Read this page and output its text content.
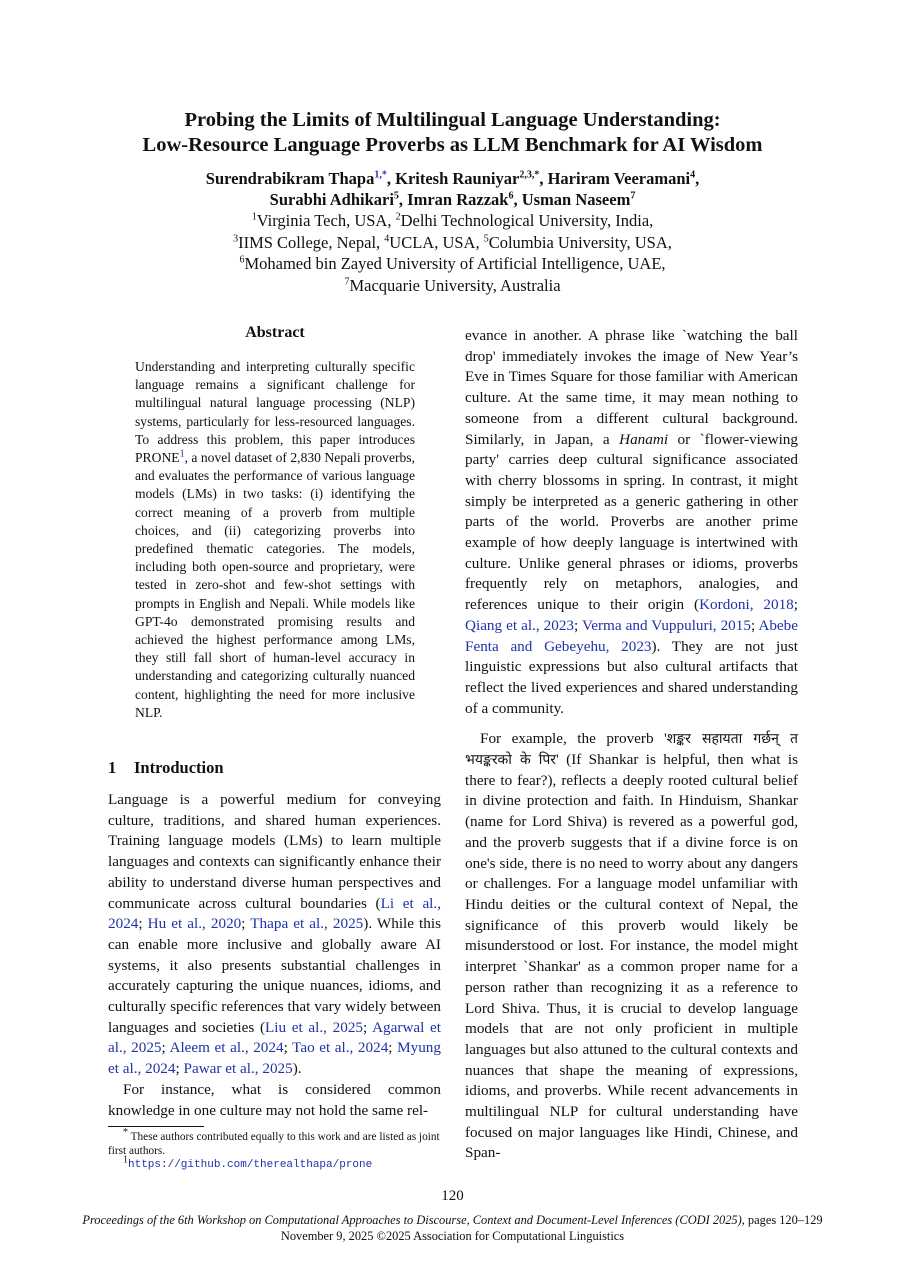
Probing the Limits of Multilingual Language Understanding:
Low-Resource Language Proverbs as LLM Benchmark for AI Wisdom
Surendrabikram Thapa$^{1,*}$, Kritesh Rauniyar$^{2,3,*}$, Hariram Veeramani$^4$,
Surabhi Adhikari$^5$, Imran Razzak$^6$, Usman Naseem$^7$
$^1$Virginia Tech, USA, $^2$Delhi Technological University, India,
$^3$IIMS College, Nepal, $^4$UCLA, USA, $^5$Columbia University, USA,
$^6$Mohamed bin Zayed University of Artificial Intelligence, UAE,
$^7$Macquarie University, Australia
Abstract
Understanding and interpreting culturally specific language remains a significant challenge for multilingual natural language processing (NLP) systems, particularly for less-resourced languages. To address this problem, this paper introduces PRONE$^1$, a novel dataset of 2,830 Nepali proverbs, and evaluates the performance of various language models (LMs) in two tasks: (i) identifying the correct meaning of a proverb from multiple choices, and (ii) categorizing proverbs into predefined thematic categories. The models, including both open-source and proprietary, were tested in zero-shot and few-shot settings with prompts in English and Nepali. While models like GPT-4o demonstrated promising results and achieved the highest performance among LMs, they still fall short of human-level accuracy in understanding and categorizing culturally nuanced content, highlighting the need for more inclusive NLP.
1 Introduction

Language is a powerful medium for conveying culture, traditions, and shared human experiences. Training language models (LMs) to learn multiple languages and contexts can significantly enhance their ability to understand diverse human perspectives and communicate across cultural boundaries (Li et al., 2024; Hu et al., 2020; Thapa et al., 2025). While this can enable more inclusive and globally aware AI systems, it also presents substantial challenges in accurately capturing the unique nuances, idioms, and culturally specific references that vary widely between languages and societies (Liu et al., 2025; Agarwal et al., 2025; Aleem et al., 2024; Tao et al., 2024; Myung et al., 2024; Pawar et al., 2025).

For instance, what is considered common knowledge in one culture may not hold the same rel-

evance in another. A phrase like `watching the ball drop' immediately invokes the image of New Year’s Eve in Times Square for those familiar with American culture. At the same time, it may mean nothing to someone from a different cultural background. Similarly, in Japan, a Hanami or `flower-viewing party' carries deep cultural significance associated with cherry blossoms in spring. In contrast, it might simply be interpreted as a generic gathering in other parts of the world. Proverbs are another prime example of how deeply language is intertwined with culture. Unlike general phrases or idioms, proverbs frequently rely on metaphors, analogies, and references unique to their origin (Kordoni, 2018; Qiang et al., 2023; Verma and Vuppuluri, 2015; Abebe Fenta and Gebeyehu, 2023). They are not just linguistic expressions but also cultural artifacts that reflect the lived experiences and shared understanding of a community.

For example, the proverb 'शङ्कर सहायता गर्छन् त भयङ्करको के पिर' (If Shankar is helpful, then what is there to fear?), reflects a deeply rooted cultural belief in divine protection and faith. In Hinduism, Shankar (name for Lord Shiva) is revered as a powerful god, and the proverb suggests that if a divine force is on one's side, there is no need to worry about any dangers or challenges. For a language model unfamiliar with Hindu deities or the cultural context of Nepal, the significance of this proverb would likely be misunderstood or lost. For instance, the model might interpret `Shankar' as a common proper name for a person rather than recognizing it as a reference to Lord Shiva. Thus, it is crucial to develop language models that are not only proficient in multiple languages but also attuned to the cultural contexts and nuances that shape the meaning of expressions, idioms, and proverbs. While recent advancements in multilingual NLP for cultural understanding have focused on major languages like Hindi, Chinese, and Span-

* These authors contributed equally to this work and are listed as joint first authors.
$^1$https://github.com/therealthapa/prone
120
Proceedings of the 6th Workshop on Computational Approaches to Discourse, Context and Document-Level Inferences (CODI 2025), pages 120–129
November 9, 2025 ©2025 Association for Computational Linguistics
